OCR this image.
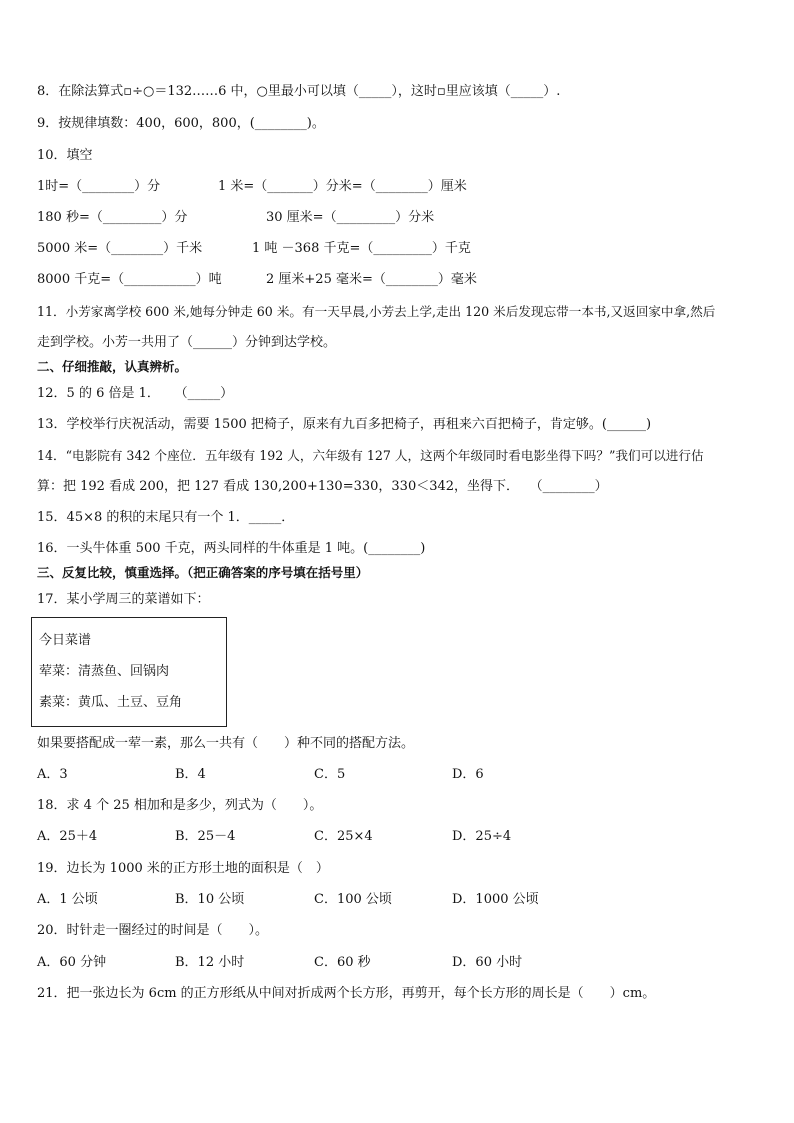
8．在除法算式▫÷○＝132……6 中，○里最小可以填（_____），这时▫里应该填（_____）.
9．按规律填数：400，600，800，(________)。
10．填空
1时=（________）分	1 米=（_______）分米=（________）厘米
180 秒=（_________）分	30 厘米=（_________）分米
5000 米=（________）千米	1 吨 －368 千克=（_________）千克
8000 千克=（___________）吨	2 厘米+25 毫米=（________）毫米
11．小芳家离学校 600 米,她每分钟走 60 米。有一天早晨,小芳去上学,走出 120 米后发现忘带一本书,又返回家中拿,然后
走到学校。小芳一共用了（______）分钟到达学校。
二、仔细推敲，认真辨析。
12．5 的 6 倍是 1．　  （_____）
13．学校举行庆祝活动，需要 1500 把椅子，原来有九百多把椅子，再租来六百把椅子，肯定够。(______)
14．“电影院有 342 个座位．五年级有 192 人，六年级有 127 人，这两个年级同时看电影坐得下吗？”我们可以进行估
算：把 192 看成 200，把 127 看成 130,200+130=330，330＜342，坐得下．　 （________）
15．45×8 的积的末尾只有一个 1．_____．
16．一头牛体重 500 千克，两头同样的牛体重是 1 吨。(________)
三、反复比较，慎重选择。（把正确答案的序号填在括号里）
17．某小学周三的菜谱如下：
今日菜谱
荤菜：清蒸鱼、回锅肉
素菜：黄瓜、土豆、豆角
如果要搭配成一荤一素，那么一共有（　　）种不同的搭配方法。
A．3	B．4	C．5	D．6
18．求 4 个 25 相加和是多少，列式为（　　）。
A．25＋4	B．25－4	C．25×4	D．25÷4
19．边长为 1000 米的正方形土地的面积是（　）
A．1 公顷	B．10 公顷	C．100 公顷	D．1000 公顷
20．时针走一圈经过的时间是（　　）。
A．60 分钟	B．12 小时	C．60 秒	D．60 小时
21．把一张边长为 6cm 的正方形纸从中间对折成两个长方形，再剪开，每个长方形的周长是（　　）cm。
